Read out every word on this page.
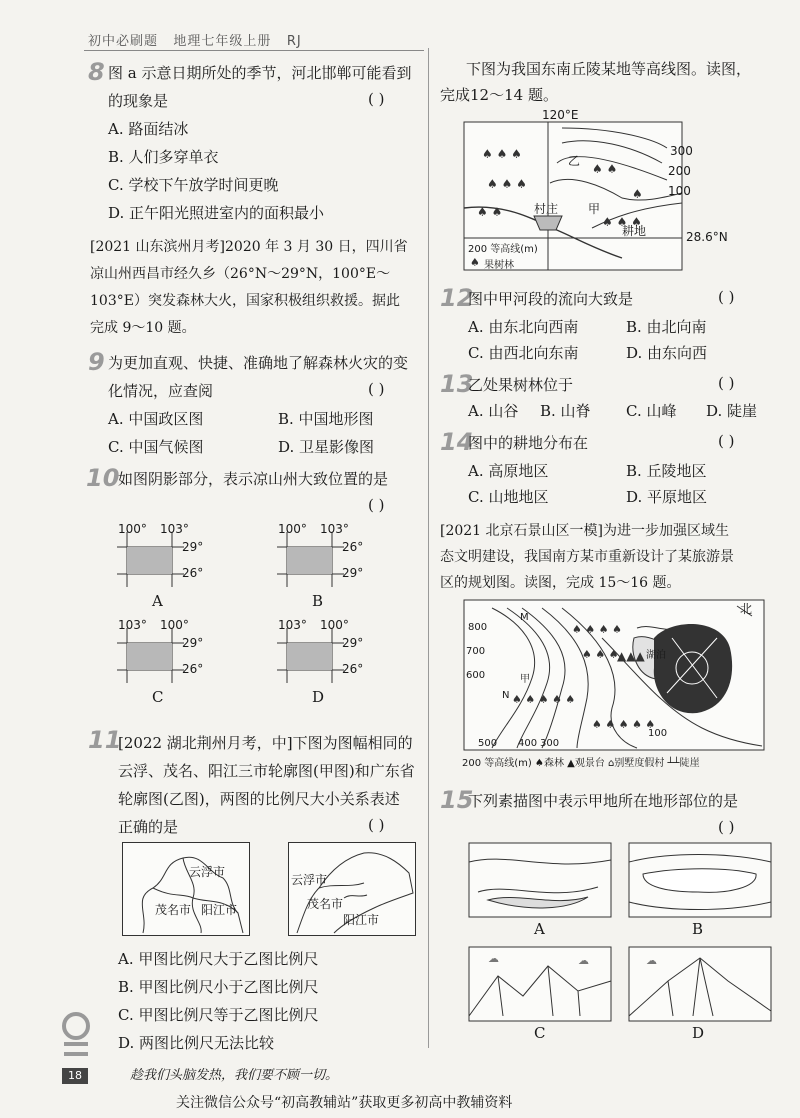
初中必刷题 地理七年级上册 RJ
8 图 a 示意日期所处的季节，河北邯郸可能看到
的现象是	( )
A. 路面结冰
B. 人们多穿单衣
C. 学校下午放学时间更晚
D. 正午阳光照进室内的面积最小
[2021 山东滨州月考]2020 年 3 月 30 日，四川省
凉山州西昌市经久乡（26°N～29°N，100°E～
103°E）突发森林大火，国家积极组织救援。据此
完成 9～10 题。
9 为更加直观、快捷、准确地了解森林火灾的变
化情况，应查阅	( )
A. 中国政区图	B. 中国地形图
C. 中国气候图	D. 卫星影像图
10
如图阴影部分，表示凉山州大致位置的是
( )
100° 103°
29°
26°
A
100° 103°
26°
29°
B
103° 100°
29°
26°
C
103° 100°
29°
26°
D
11
[2022 湖北荆州月考，中]下图为图幅相同的
云浮、茂名、阳江三市轮廓图(甲图)和广东省
轮廓图(乙图)，两图的比例尺大小关系表述
正确的是	( )
云浮市
茂名市 阳江市
云浮市
茂名市
阳江市
A. 甲图比例尺大于乙图比例尺
B. 甲图比例尺小于乙图比例尺
C. 甲图比例尺等于乙图比例尺
D. 两图比例尺无法比较
下图为我国东南丘陵某地等高线图。读图，
完成12～14 题。
♠ ♠ ♠
♠ ♠ ♠
♠ ♠
♠ ♠ ♠
♠ ♠
♠
♠
120°E
300
200
100
乙
甲
村庄
耕地	28.6°N
200 等高线(m)
果树林
12
图中甲河段的流向大致是	( )
A. 由东北向西南	B. 由北向南
C. 由西北向东南	D. 由东向西
13
乙处果树林位于	( )
A. 山谷 B. 山脊 C. 山峰 D. 陡崖
14
图中的耕地分布在	( )
A. 高原地区	B. 丘陵地区
C. 山地地区	D. 平原地区
[2021 北京石景山区一模]为进一步加强区域生
态文明建设，我国南方某市重新设计了某旅游景
区的规划图。读图，完成 15～16 题。
♠ ♠ ♠ ♠
♠ ♠ ♠
♠ ♠ ♠ ♠ ♠
♠ ♠ ♠ ♠ ♠
▲▲▲
北
800
700
600
500 400 300
100
M
N
甲
湖泊
200 等高线(m) ♠森林 ▲观景台 ⌂别墅度假村 ┴┴陡崖
15
下列素描图中表示甲地所在地形部位的是
( )
A	B
☁	☁
C
☁
D
18	趁我们头脑发热，我们要不顾一切。
关注微信公众号“初高教辅站”获取更多初高中教辅资料
